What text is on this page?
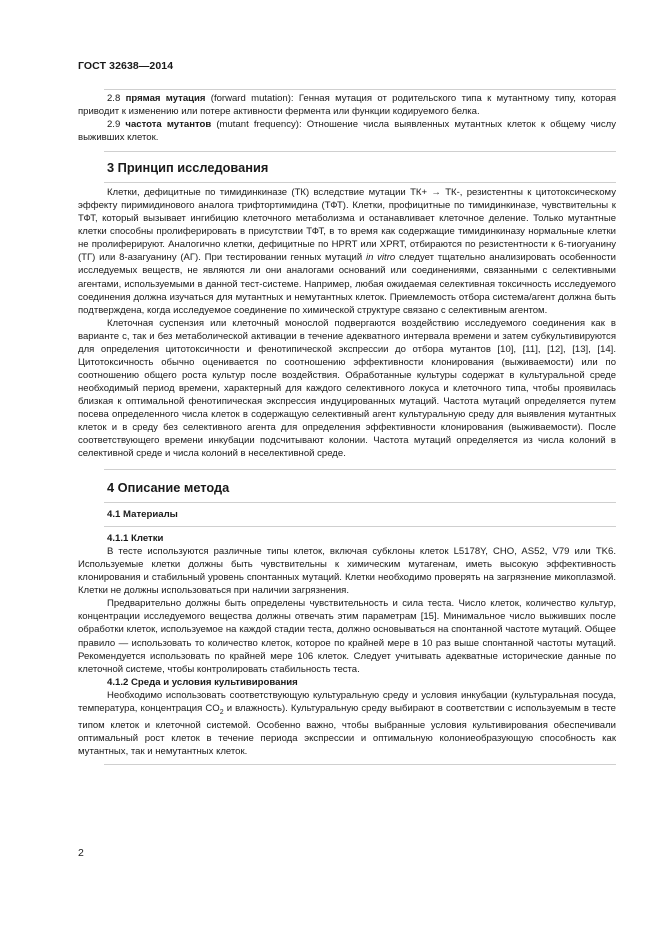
ГОСТ 32638—2014

2.8 прямая мутация (forward mutation): Генная мутация от родительского типа к мутантному типу, которая приводит к изменению или потере активности фермента или функции кодируемого белка.

2.9 частота мутантов (mutant frequency): Отношение числа выявленных мутантных клеток к общему числу выживших клеток.

3 Принцип исследования

Клетки, дефицитные по тимидинкиназе (ТК) вследствие мутации ТК+ → ТК-, резистентны к цитотоксическому эффекту пиримидинового аналога трифтортимидина (ТФТ). Клетки, профицитные по тимидинкиназе, чувствительны к ТФТ, который вызывает ингибицию клеточного метаболизма и останавливает клеточное деление. Только мутантные клетки способны пролиферировать в присутствии ТФТ, в то время как содержащие тимидинкиназу нормальные клетки не пролиферируют. Аналогично клетки, дефицитные по HPRT или XPRT, отбираются по резистентности к 6-тиогуанину (ТГ) или 8-азагуанину (АГ). При тестировании генных мутаций in vitro следует тщательно анализировать особенности исследуемых веществ, не являются ли они аналогами оснований или соединениями, связанными с селективными агентами, используемыми в данной тест-системе. Например, любая ожидаемая селективная токсичность исследуемого соединения должна изучаться для мутантных и немутантных клеток. Приемлемость отбора система/агент должна быть подтверждена, когда исследуемое соединение по химической структуре связано с селективным агентом.

Клеточная суспензия или клеточный монослой подвергаются воздействию исследуемого соединения как в варианте с, так и без метаболической активации в течение адекватного интервала времени и затем субкультивируются для определения цитотоксичности и фенотипической экспрессии до отбора мутантов [10], [11], [12], [13], [14]. Цитотоксичность обычно оценивается по соотношению эффективности клонирования (выживаемости) или по соотношению общего роста культур после воздействия. Обработанные культуры содержат в культуральной среде необходимый период времени, характерный для каждого селективного локуса и клеточного типа, чтобы проявилась близкая к оптимальной фенотипическая экспрессия индуцированных мутаций. Частота мутаций определяется путем посева определенного числа клеток в содержащую селективный агент культуральную среду для выявления мутантных клеток и в среду без селективного агента для определения эффективности клонирования (выживаемости). После соответствующего времени инкубации подсчитывают колонии. Частота мутаций определяется из числа колоний в селективной среде и числа колоний в неселективной среде.

4 Описание метода
4.1 Материалы
4.1.1 Клетки

В тесте используются различные типы клеток, включая субклоны клеток L5178Y, CHO, AS52, V79 или TK6. Используемые клетки должны быть чувствительны к химическим мутагенам, иметь высокую эффективность клонирования и стабильный уровень спонтанных мутаций. Клетки необходимо проверять на загрязнение микоплазмой. Клетки не должны использоваться при наличии загрязнения.

Предварительно должны быть определены чувствительность и сила теста. Число клеток, количество культур, концентрации исследуемого вещества должны отвечать этим параметрам [15]. Минимальное число выживших после обработки клеток, используемое на каждой стадии теста, должно основываться на спонтанной частоте мутаций. Общее правило — использовать то количество клеток, которое по крайней мере в 10 раз выше спонтанной частоты мутаций. Рекомендуется использовать по крайней мере 106 клеток. Следует учитывать адекватные исторические данные по клеточной системе, чтобы контролировать стабильность теста.

4.1.2 Среда и условия культивирования

Необходимо использовать соответствующую культуральную среду и условия инкубации (культуральная посуда, температура, концентрация $CO_2$ и влажность). Культуральную среду выбирают в соответствии с используемым в тесте типом клеток и клеточной системой. Особенно важно, чтобы выбранные условия культивирования обеспечивали оптимальный рост клеток в течение периода экспрессии и оптимальную колониеобразующую способность как мутантных, так и немутантных клеток.

2
